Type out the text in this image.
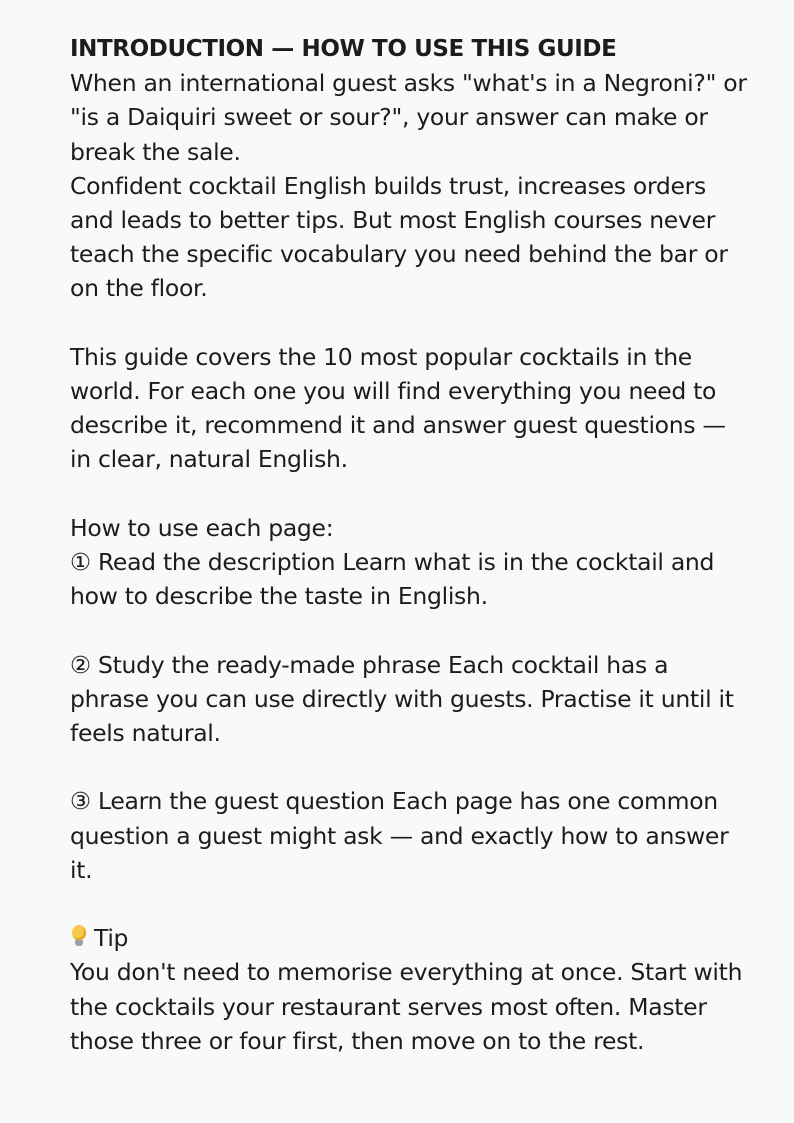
INTRODUCTION — HOW TO USE THIS GUIDE

When an international guest asks "what's in a Negroni?" or "is a Daiquiri sweet or sour?", your answer can make or break the sale.

Confident cocktail English builds trust, increases orders and leads to better tips. But most English courses never teach the specific vocabulary you need behind the bar or on the floor.

This guide covers the 10 most popular cocktails in the world. For each one you will find everything you need to describe it, recommend it and answer guest questions — in clear, natural English.

How to use each page:

① Read the description Learn what is in the cocktail and how to describe the taste in English.

② Study the ready-made phrase Each cocktail has a phrase you can use directly with guests. Practise it until it feels natural.

③ Learn the guest question Each page has one common question a guest might ask — and exactly how to answer it.

Tip

You don't need to memorise everything at once. Start with the cocktails your restaurant serves most often. Master those three or four first, then move on to the rest.
